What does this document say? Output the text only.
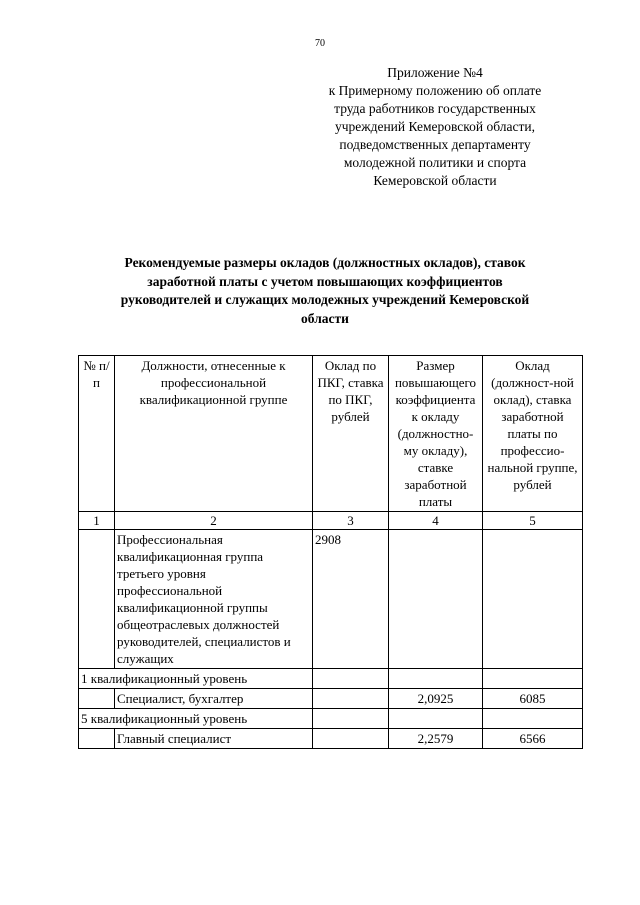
70
Приложение №4
к Примерному положению об оплате
труда работников государственных
учреждений Кемеровской области,
подведомственных департаменту
молодежной политики и спорта
Кемеровской области
Рекомендуемые размеры окладов (должностных окладов), ставок
заработной платы с учетом повышающих коэффициентов
руководителей и служащих молодежных учреждений Кемеровской
области
№ п/п	Должности, отнесенные к профессиональной квалификационной группе	Оклад по ПКГ, ставка по ПКГ, рублей	Размер повышающего коэффициента к окладу (должностно-му окладу), ставке заработной платы	Оклад (должност-ной оклад), ставка заработной платы по профессио-нальной группе, рублей
1	2	3	4	5
	Профессиональная квалификационная группа третьего уровня профессиональной квалификационной группы общеотраслевых должностей руководителей, специалистов и служащих	2908		
1 квалификационный уровень				
	Специалист, бухгалтер		2,0925	6085
5 квалификационный уровень				
	Главный специалист		2,2579	6566
